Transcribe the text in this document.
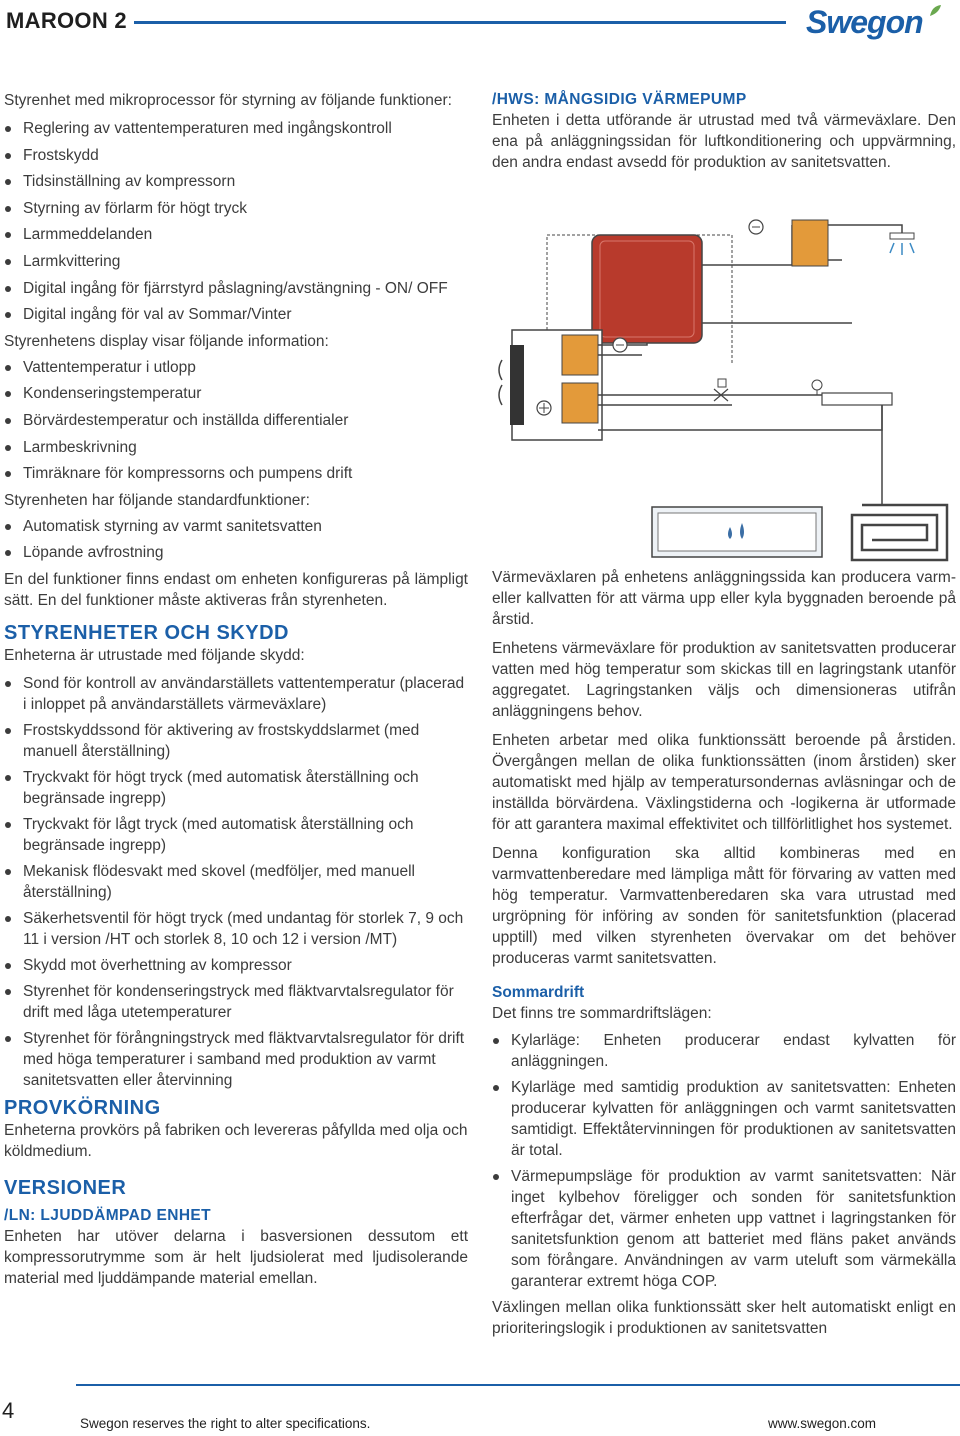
MAROON 2	Swegon

Styrenhet med mikroprocessor för styrning av följande funktioner:

Reglering av vattentemperaturen med ingångskontroll
Frostskydd
Tidsinställning av kompressorn
Styrning av förlarm för högt tryck
Larmmeddelanden
Larmkvittering
Digital ingång för fjärrstyrd påslagning/avstängning - ON/ OFF
Digital ingång för val av Sommar/Vinter

Styrenhetens display visar följande information:

Vattentemperatur i utlopp
Kondenseringstemperatur
Börvärdestemperatur och inställda differentialer
Larmbeskrivning
Timräknare för kompressorns och pumpens drift

Styrenheten har följande standardfunktioner:

Automatisk styrning av varmt sanitetsvatten
Löpande avfrostning

En del funktioner finns endast om enheten konfigureras på lämpligt sätt. En del funktioner måste aktiveras från styrenheten.

STYRENHETER OCH SKYDD

Enheterna är utrustade med följande skydd:

Sond för kontroll av användarställets vattentemperatur (placerad i inloppet på användarställets värmeväxlare)
Frostskyddssond för aktivering av frostskyddslarmet (med manuell återställning)
Tryckvakt för högt tryck (med automatisk återställning och begränsade ingrepp)
Tryckvakt för lågt tryck (med automatisk återställning och begränsade ingrepp)
Mekanisk flödesvakt med skovel (medföljer, med manuell återställning)
Säkerhetsventil för högt tryck (med undantag för storlek 7, 9 och 11 i version /HT och storlek 8, 10 och 12 i version /MT)
Skydd mot överhettning av kompressor
Styrenhet för kondenseringstryck med fläktvarvtalsregulator för drift med låga utetemperaturer
Styrenhet för förångningstryck med fläktvarvtalsregulator för drift med höga temperaturer i samband med produktion av varmt sanitetsvatten eller återvinning
PROVKÖRNING

Enheterna provkörs på fabriken och levereras påfyllda med olja och köldmedium.

VERSIONER
/LN: LJUDDÄMPAD ENHET

Enheten har utöver delarna i basversionen dessutom ett kompressorutrymme som är helt ljudsiolerat med ljudisolerande material med ljuddämpande material emellan.

/HWS: MÅNGSIDIG VÄRMEPUMP

Enheten i detta utförande är utrustad med två värmeväxlare. Den ena på anläggningssidan för luftkonditionering och uppvärmning, den andra endast avsedd för produktion av sanitetsvatten.

Värmeväxlaren på enhetens anläggningssida kan producera varm- eller kallvatten för att värma upp eller kyla byggnaden beroende på årstid.

Enhetens värmeväxlare för produktion av sanitetsvatten producerar vatten med hög temperatur som skickas till en lagringstank utanför aggregatet. Lagringstanken väljs och dimensioneras utifrån anläggningens behov.

Enheten arbetar med olika funktionssätt beroende på årstiden. Övergången mellan de olika funktionssätten (inom årstiden) sker automatiskt med hjälp av temperatursondernas avläsningar och de inställda börvärdena. Växlingstiderna och -logikerna är utformade för att garantera maximal effektivitet och tillförlitlighet hos systemet.

Denna konfiguration ska alltid kombineras med en varmvattenberedare med lämpliga mått för förvaring av vatten med hög temperatur. Varmvattenberedaren ska vara utrustad med urgröpning för införing av sonden för sanitetsfunktion (placerad upptill) med vilken styrenheten övervakar om det behöver produceras varmt sanitetsvatten.

Sommardrift

Det finns tre sommardriftslägen:

Kylarläge: Enheten producerar endast kylvatten för anläggningen.
Kylarläge med samtidig produktion av sanitetsvatten: Enheten producerar kylvatten för anläggningen och varmt sanitetsvatten samtidigt. Effektåtervinningen för produktionen av sanitetsvatten är total.
Värmepumpsläge för produktion av varmt sanitetsvatten: När inget kylbehov föreligger och sonden för sanitetsfunktion efterfrågar det, värmer enheten upp vattnet i lagringstanken för sanitetsfunktion genom att batteriet med fläns paket används som förångare. Användningen av varm uteluft som värmekälla garanterar extremt höga COP.

Växlingen mellan olika funktionssätt sker helt automatiskt enligt en prioriteringslogik i produktionen av sanitetsvatten

4
Swegon reserves the right to alter specifications.	www.swegon.com
